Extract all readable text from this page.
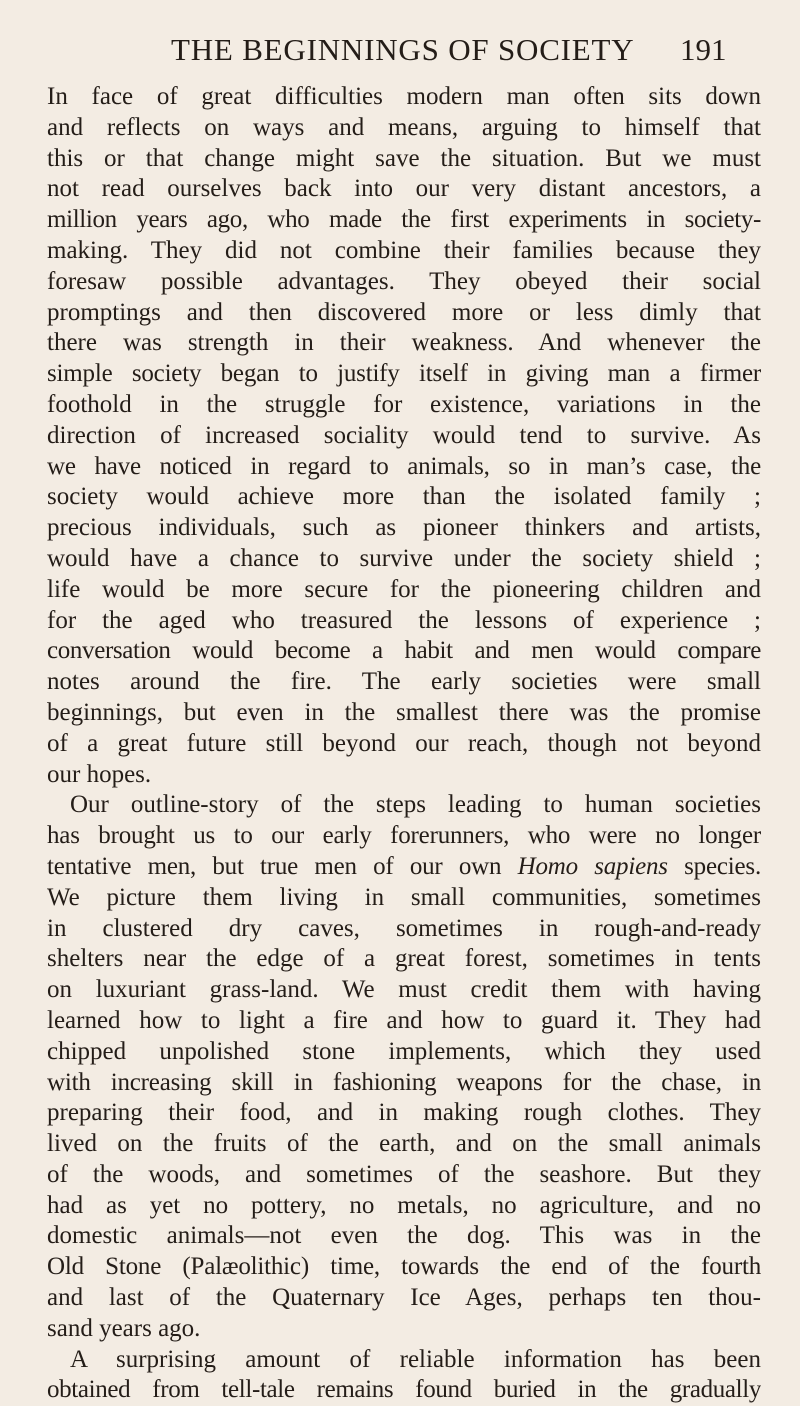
THE BEGINNINGS OF SOCIETY 191

In face of great difficulties modern man often sits down

and reflects on ways and means, arguing to himself that

this or that change might save the situation. But we must

not read ourselves back into our very distant ancestors, a

million years ago, who made the first experiments in society-

making. They did not combine their families because they

foresaw possible advantages. They obeyed their social

promptings and then discovered more or less dimly that

there was strength in their weakness. And whenever the

simple society began to justify itself in giving man a firmer

foothold in the struggle for existence, variations in the

direction of increased sociality would tend to survive. As

we have noticed in regard to animals, so in man’s case, the

society would achieve more than the isolated family ;

precious individuals, such as pioneer thinkers and artists,

would have a chance to survive under the society shield ;

life would be more secure for the pioneering children and

for the aged who treasured the lessons of experience ;

conversation would become a habit and men would compare

notes around the fire. The early societies were small

beginnings, but even in the smallest there was the promise

of a great future still beyond our reach, though not beyond

our hopes.

Our outline-story of the steps leading to human societies

has brought us to our early forerunners, who were no longer

tentative men, but true men of our own Homo sapiens species.

We picture them living in small communities, sometimes

in clustered dry caves, sometimes in rough-and-ready

shelters near the edge of a great forest, sometimes in tents

on luxuriant grass-land. We must credit them with having

learned how to light a fire and how to guard it. They had

chipped unpolished stone implements, which they used

with increasing skill in fashioning weapons for the chase, in

preparing their food, and in making rough clothes. They

lived on the fruits of the earth, and on the small animals

of the woods, and sometimes of the seashore. But they

had as yet no pottery, no metals, no agriculture, and no

domestic animals—not even the dog. This was in the

Old Stone (Palæolithic) time, towards the end of the fourth

and last of the Quaternary Ice Ages, perhaps ten thou-

sand years ago.

A surprising amount of reliable information has been

obtained from tell-tale remains found buried in the gradually
